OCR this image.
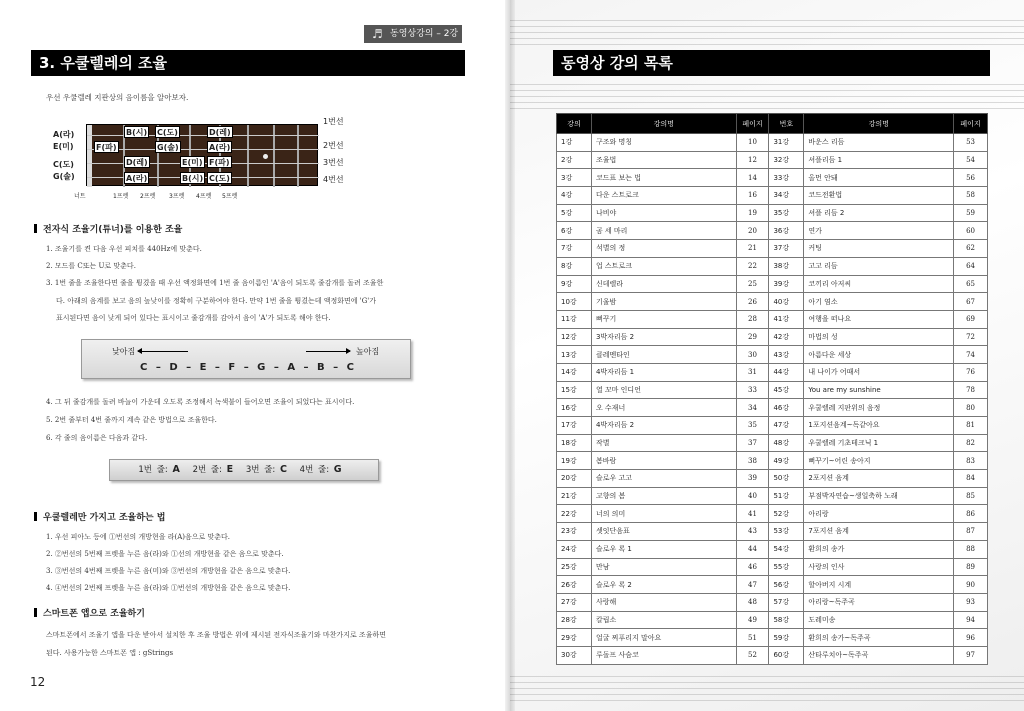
♬ 동영상강의 – 2강
3. 우쿨렐레의 조율
우선 우쿨렐레 지판상의 음이름을 알아보자.
A(라)
E(미)
C(도)
G(솔)
B(시) C(도)	D(레)
F(파)	G(솔)	A(라)
D(레)	E(미) F(파)
A(라)	B(시) C(도)
1번선
2번선
3번선
4번선
너트	1프렛 2프렛 3프렛 4프렛 5프렛
전자식 조율기(튜너)를 이용한 조율
1. 조율기를 켠 다음 우선 피치를 440Hz에 맞춘다.
2. 모드를 C또는 U로 맞춘다.
3. 1번 줄을 조율한다면 줄을 튕겼을 때 우선 액정화면에 1번 줄 음이름인 'A'음이 되도록 줄감개를 돌려 조율한
다. 아래의 음계를 보고 음의 높낮이를 정확히 구분하여야 한다. 만약 1번 줄을 튕겼는데 액정화면에 'G'가
표시된다면 음이 낮게 되어 있다는 표시이고 줄감개를 감아서 음이 'A'가 되도록 해야 한다.
낮아짐	높아짐
C – D – E – F – G – A – B – C
4. 그 뒤 줄감개를 돌려 바늘이 가운데 오도록 조정해서 녹색불이 들어오면 조율이 되었다는 표시이다.
5. 2번 줄부터 4번 줄까지 계속 같은 방법으로 조율한다.
6. 각 줄의 음이름은 다음과 같다.
1번 줄: A 2번 줄: E 3번 줄: C 4번 줄: G
우쿨렐레만 가지고 조율하는 법
1. 우선 피아노 등에 ①번선의 개방현을 라(A)음으로 맞춘다.
2. ②번선의 5번째 프렛을 누른 음(라)와 ①선의 개방현을 같은 음으로 맞춘다.
3. ③번선의 4번째 프렛을 누른 음(미)와 ③번선의 개방현을 같은 음으로 맞춘다.
4. ④번선의 2번째 프렛을 누른 음(라)와 ①번선의 개방현을 같은 음으로 맞춘다.
스마트폰 앱으로 조율하기
스마트폰에서 조율기 앱을 다운 받아서 설치한 후 조율 방법은 위에 제시된 전자식조율기와 마찬가지로 조율하면
된다. 사용가능한 스마트폰 앱 : gStrings
12
동영상 강의 목록
강의	강의명	페이지	번호	강의명	페이지
1강	구조와 명칭	10	31강	바운스 리듬	53
2강	조율법	12	32강	셔플리듬 1	54
3강	코드표 보는 법	14	33강	올먼 안돼	56
4강	다운 스트로크	16	34강	코드전환법	58
5강	나비야	19	35강	셔플 리듬 2	59
6강	곰 세 마리	20	36강	연가	60
7강	석별의 정	21	37강	커팅	62
8강	업 스트로크	22	38강	고고 리듬	64
9강	신데렐라	25	39강	코끼리 아저씨	65
10강	기울밤	26	40강	아기 염소	67
11강	뻐꾸기	28	41강	여행을 떠나요	69
12강	3박자리듬 2	29	42강	마법의 성	72
13강	클레멘타인	30	43강	아름다운 세상	74
14강	4박자리듬 1	31	44강	내 나이가 어때서	76
15강	열 꼬마 인디언	33	45강	You are my sunshine	78
16강	오 수재너	34	46강	우쿨렐레 지판위의 음정	80
17강	4박자리듬 2	35	47강	1포지션음계~독같아요	81
18강	작별	37	48강	우쿨렐레 기초테크닉 1	82
19강	봄바람	38	49강	뻐꾸기~어린 송아지	83
20강	슬로우 고고	39	50강	2포지션 음계	84
21강	고향의 봄	40	51강	부점박자연습~생일축하 노래	85
22강	너의 의미	41	52강	아리랑	86
23강	셋잇단음표	43	53강	7포지션 음계	87
24강	슬로우 록 1	44	54강	환희의 송가	88
25강	만남	46	55강	사랑의 인사	89
26강	슬로우 록 2	47	56강	할아버지 시계	90
27강	사랑해	48	57강	아리랑~독주곡	93
28강	칼립소	49	58강	도레미송	94
29강	얼굴 찌푸리지 말아요	51	59강	환희의 송가~독주곡	96
30강	루돌프 사슴코	52	60강	산타루치아~독주곡	97
